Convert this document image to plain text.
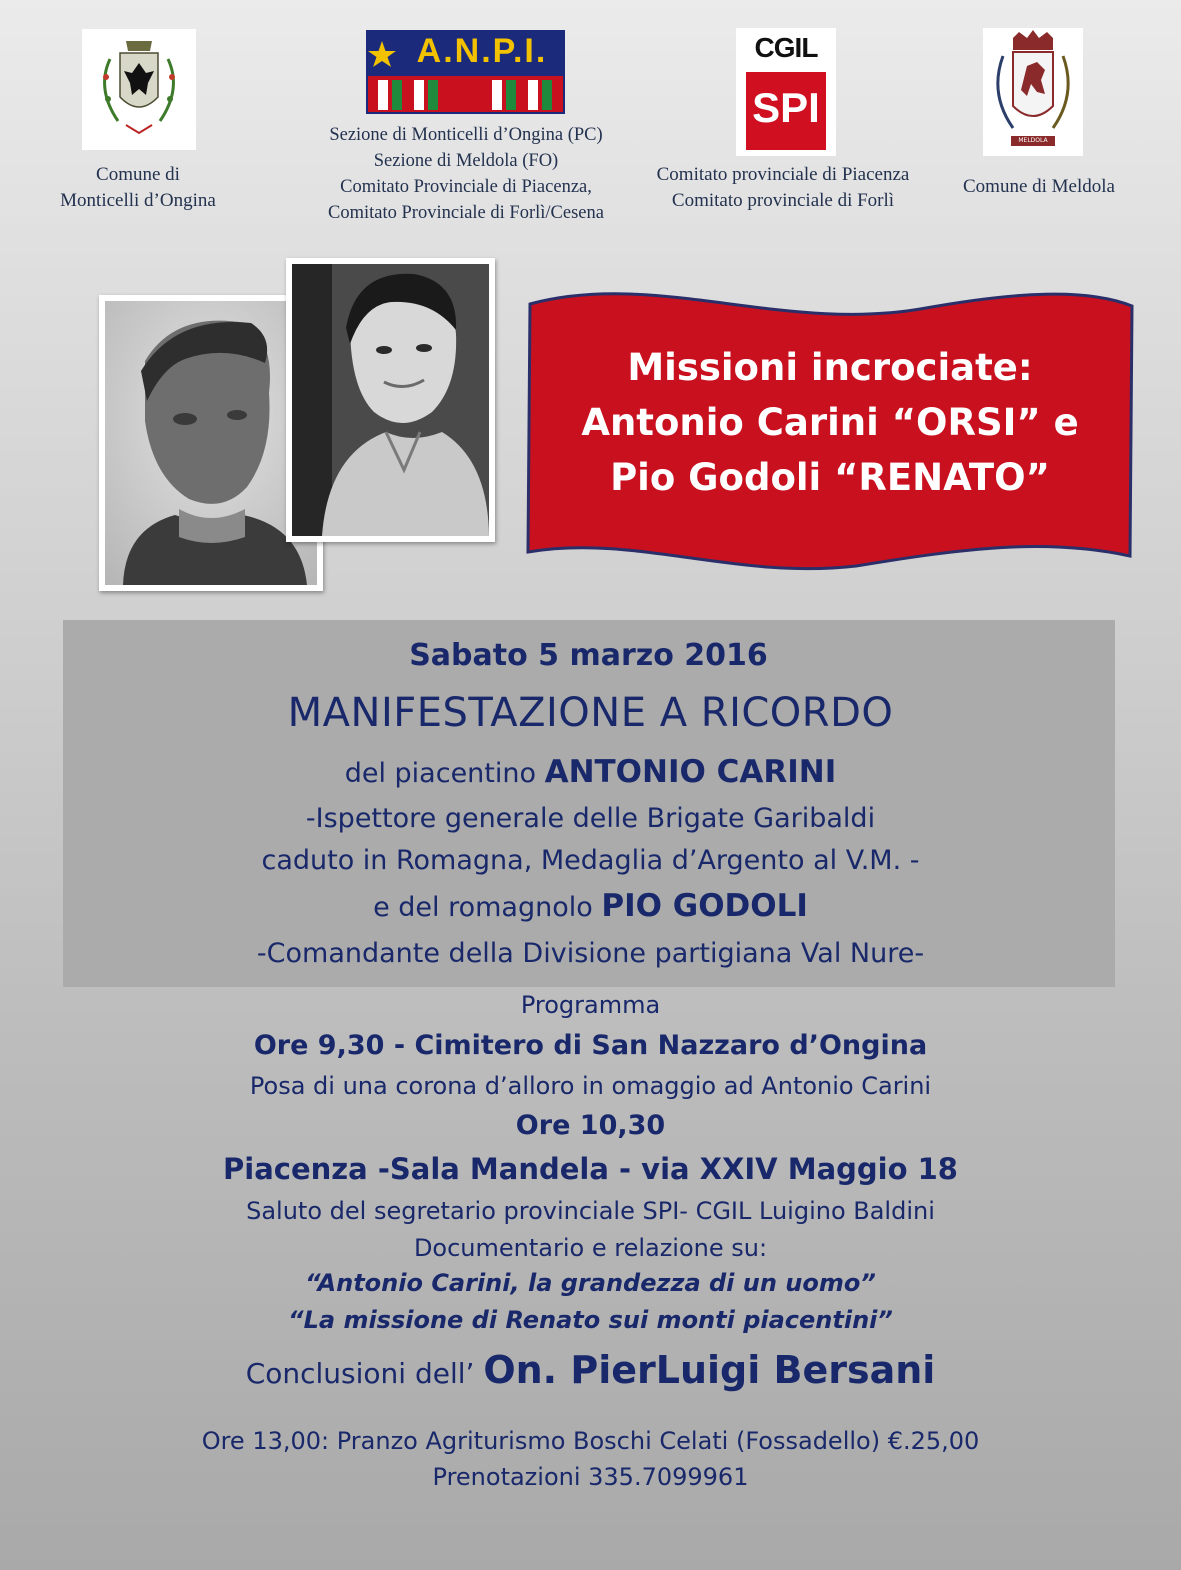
Comune di
Monticelli d’Ongina
A.N.P.I.
Sezione di Monticelli d’Ongina (PC)
Sezione di Meldola (FO)
Comitato Provinciale di Piacenza,
Comitato Provinciale di Forlì/Cesena
CGIL
SPI
Comitato provinciale di Piacenza
Comitato provinciale di Forlì
MELDOLA
Comune di Meldola
Missioni incrociate:
Antonio Carini “ORSI” e
Pio Godoli “RENATO”
Sabato 5 marzo 2016
MANIFESTAZIONE A RICORDO
del piacentino ANTONIO CARINI
-Ispettore generale delle Brigate Garibaldi
caduto in Romagna, Medaglia d’Argento al V.M. -
e del romagnolo PIO GODOLI
-Comandante della Divisione partigiana Val Nure-
Programma
Ore 9,30 - Cimitero di San Nazzaro d’Ongina
Posa di una corona d’alloro in omaggio ad Antonio Carini
Ore 10,30
Piacenza -Sala Mandela - via XXIV Maggio 18
Saluto del segretario provinciale SPI- CGIL Luigino Baldini
Documentario e relazione su:
“Antonio Carini, la grandezza di un uomo”
“La missione di Renato sui monti piacentini”
Conclusioni dell’ On. PierLuigi Bersani
Ore 13,00: Pranzo Agriturismo Boschi Celati (Fossadello) €.25,00
Prenotazioni 335.7099961
